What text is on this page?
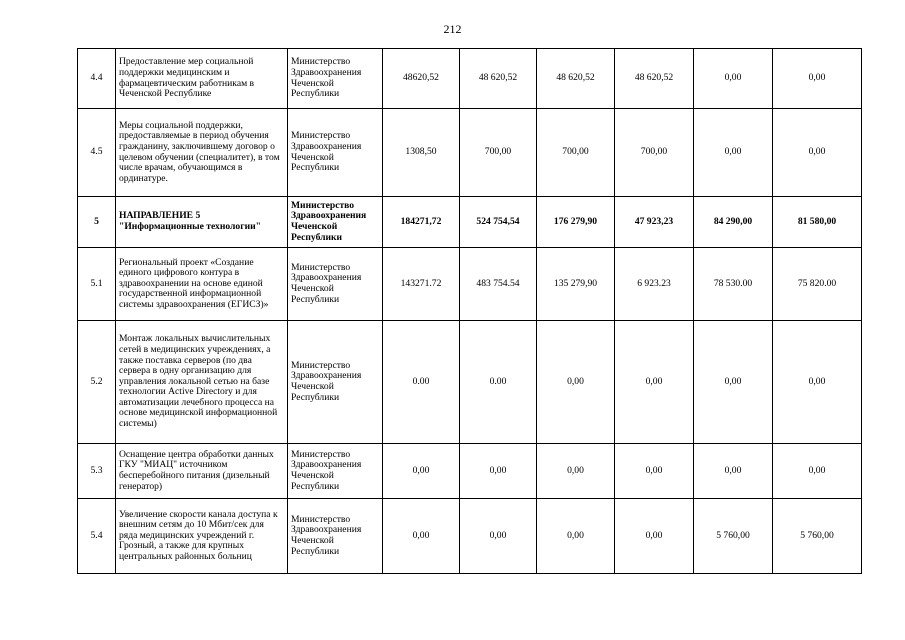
212
4.4	Предоставление мер социальной поддержки медицинским и фармацевтическим работникам в Чеченской Республике	Министерство Здравоохранения Чеченской Республики	48620,52	48 620,52	48 620,52	48 620,52	0,00	0,00
4.5	Меры социальной поддержки, предоставляемые в период обучения гражданину, заключившему договор о целевом обучении (специалитет), в том числе врачам, обучающимся в ординатуре.	Министерство Здравоохранения Чеченской Республики	1308,50	700,00	700,00	700,00	0,00	0,00
5	НАПРАВЛЕНИЕ 5 "Информационные технологии"	Министерство Здравоохранения Чеченской Республики	184271,72	524 754,54	176 279,90	47 923,23	84 290,00	81 580,00
5.1	Региональный проект «Создание единого цифрового контура в здравоохранении на основе единой государственной информационной системы здравоохранения (ЕГИСЗ)»	Министерство Здравоохранения Чеченской Республики	143271.72	483 754.54	135 279,90	6 923.23	78 530.00	75 820.00
5.2	Монтаж локальных вычислительных сетей в медицинских учреждениях, а также поставка серверов (по два сервера в одну организацию для управления локальной сетью на базе технологии Active Directory и для автоматизации лечебного процесса на основе медицинской информационной системы)	Министерство Здравоохранения Чеченской Республики	0.00	0.00	0,00	0,00	0,00	0,00
5.3	Оснащение центра обработки данных ГКУ "МИАЦ" источником бесперебойного питания (дизельный генератор)	Министерство Здравоохранения Чеченской Республики	0,00	0,00	0,00	0,00	0,00	0,00
5.4	Увеличение скорости канала доступа к внешним сетям до 10 Мбит/сек для ряда медицинских учреждений г. Грозный, а также для крупных центральных районных больниц	Министерство Здравоохранения Чеченской Республики	0,00	0,00	0,00	0,00	5 760,00	5 760,00
